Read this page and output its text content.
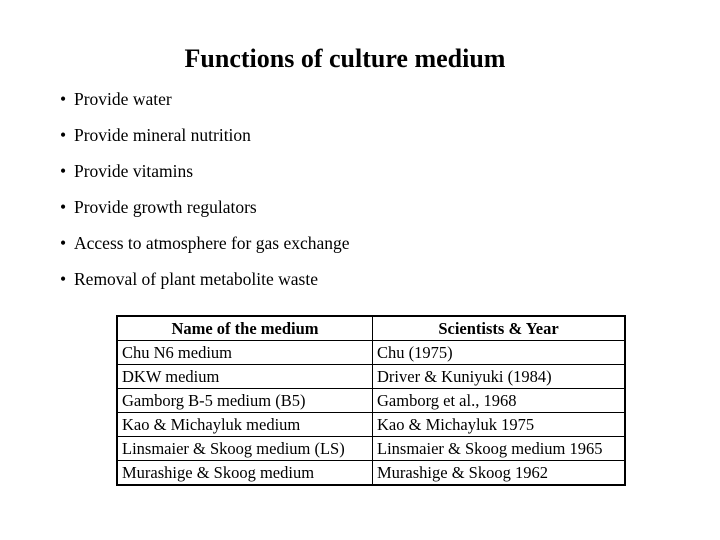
Functions of culture medium
• Provide water
• Provide mineral nutrition
• Provide vitamins
• Provide growth regulators
• Access to atmosphere for gas exchange
• Removal of plant metabolite waste
Name of the medium	Scientists & Year
Chu N6 medium	Chu (1975)
DKW medium	Driver & Kuniyuki (1984)
Gamborg B-5 medium (B5)	Gamborg et al., 1968
Kao & Michayluk medium	Kao & Michayluk 1975
Linsmaier & Skoog medium (LS)	Linsmaier & Skoog medium 1965
Murashige & Skoog medium	Murashige & Skoog 1962
